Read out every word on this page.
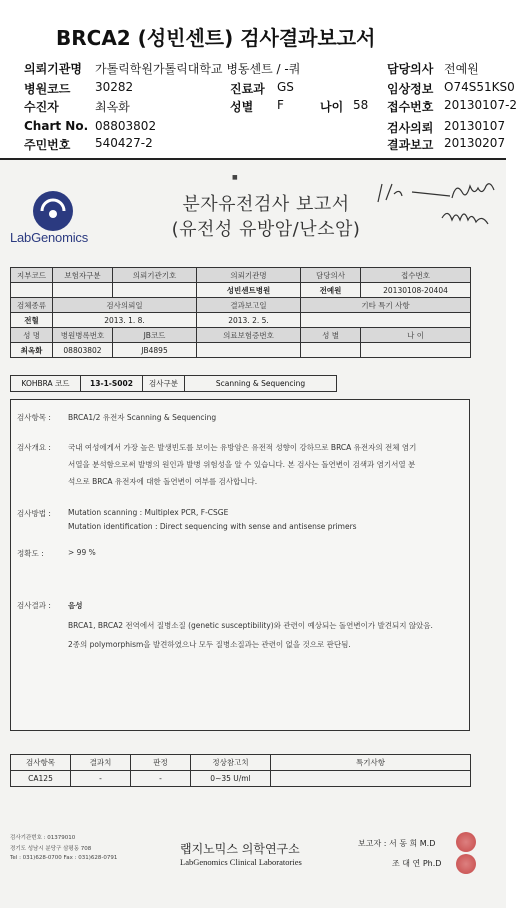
BRCA2 (성빈센트) 검사결과보고서
의뢰기관명 가톨릭학원가톨릭대학교 병동센트 / -쿼	담당의사 전예원
병원코드 30282	진료과 GS	임상정보 O74S51KS0
수진자	최옥화	성별 F	나이 58 접수번호 20130107-2
Chart No. 08803802	검사의뢰 20130107
주민번호 540427-2	결과보고 20130207
■
LabGenomics
분자유전검사 보고서
(유전성 유방암/난소암)
지부코드	보험자구분	의뢰기관기호	의뢰기관명	담당의사	접수번호
			성빈센트병원	전예원	20130108-20404
검체종류	검사의뢰일		결과보고일	기타 특기 사항	
전혈	2013. 1. 8.		2013. 2. 5.		
성 명	병원병록번호	JB코드	의료보험증번호	성 별	나 이
최옥화	08803802	JB4895			
KOHBRA 코드	13-1-S002	검사구분	Scanning & Sequencing
검사항목 : BRCA1/2 유전자 Scanning & Sequencing
검사개요 : 국내 여성에게서 가장 높은 발생빈도를 보이는 유방암은 유전적 성향이 강하므로 BRCA 유전자의 전체 염기
서열을 분석함으로써 발병의 원인과 발병 위험성을 알 수 있습니다. 본 검사는 돌연변이 검색과 염기서열 분
석으로 BRCA 유전자에 대한 돌연변이 여부를 검사합니다.
검사방법 : Mutation scanning : Multiplex PCR, F-CSGE
Mutation identification : Direct sequencing with sense and antisense primers
정확도 :	> 99 %
검사결과 : 음성
BRCA1, BRCA2 전역에서 질병소질 (genetic susceptibility)와 관련이 예상되는 돌연변이가 발견되지 않았음.
2종의 polymorphism을 발견하였으나 모두 질병소질과는 관련이 없을 것으로 판단됨.
검사항목	결과치	판정	정상참고치	특기사항
CA125	-	-	0~35 U/ml	
검사기관번호 : 01379010
경기도 성남시 분당구 삼평동 708
Tel : 031)628-0700 Fax : 031)628-0791
랩지노믹스 의학연구소
LabGenomics Clinical Laboratories
보고자 : 서 동 희 M.D
조 대 연 Ph.D
